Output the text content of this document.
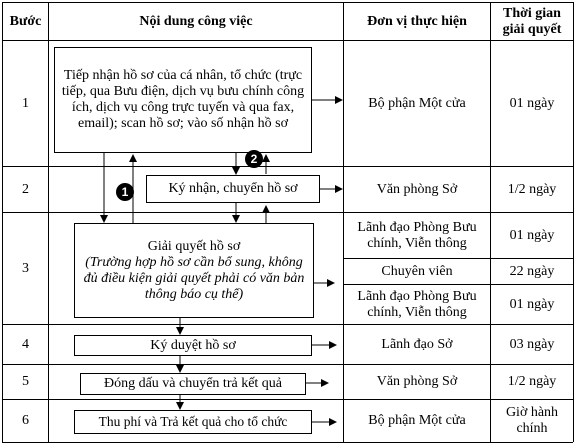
Bước	Nội dung công việc	Đơn vị thực hiện
Thời gian
giải quyết
1
2
3
4
5
6
Bộ phận Một cửa
Văn phòng Sở
Lãnh đạo Phòng Bưu chính, Viễn thông
Chuyên viên
Lãnh đạo Phòng Bưu chính, Viễn thông
Lãnh đạo Sở
Văn phòng Sở
Bộ phận Một cửa
01 ngày
1/2 ngày
01 ngày
22 ngày
01 ngày
03 ngày
1/2 ngày
Giờ hành chính
Tiếp nhận hồ sơ của cá nhân, tổ chức (trực tiếp, qua Bưu điện, dịch vụ bưu chính công ích, dịch vụ công trực tuyến và qua fax, email); scan hồ sơ; vào số nhận hồ sơ
Ký nhận, chuyển hồ sơ
Giải quyết hồ sơ
(Trường hợp hồ sơ cần bổ sung, không đủ điều kiện giải quyết phải có văn bản thông báo cụ thể)
Ký duyệt hồ sơ
Đóng dấu và chuyển trả kết quả
Thu phí và Trả kết quả cho tổ chức
1
2
